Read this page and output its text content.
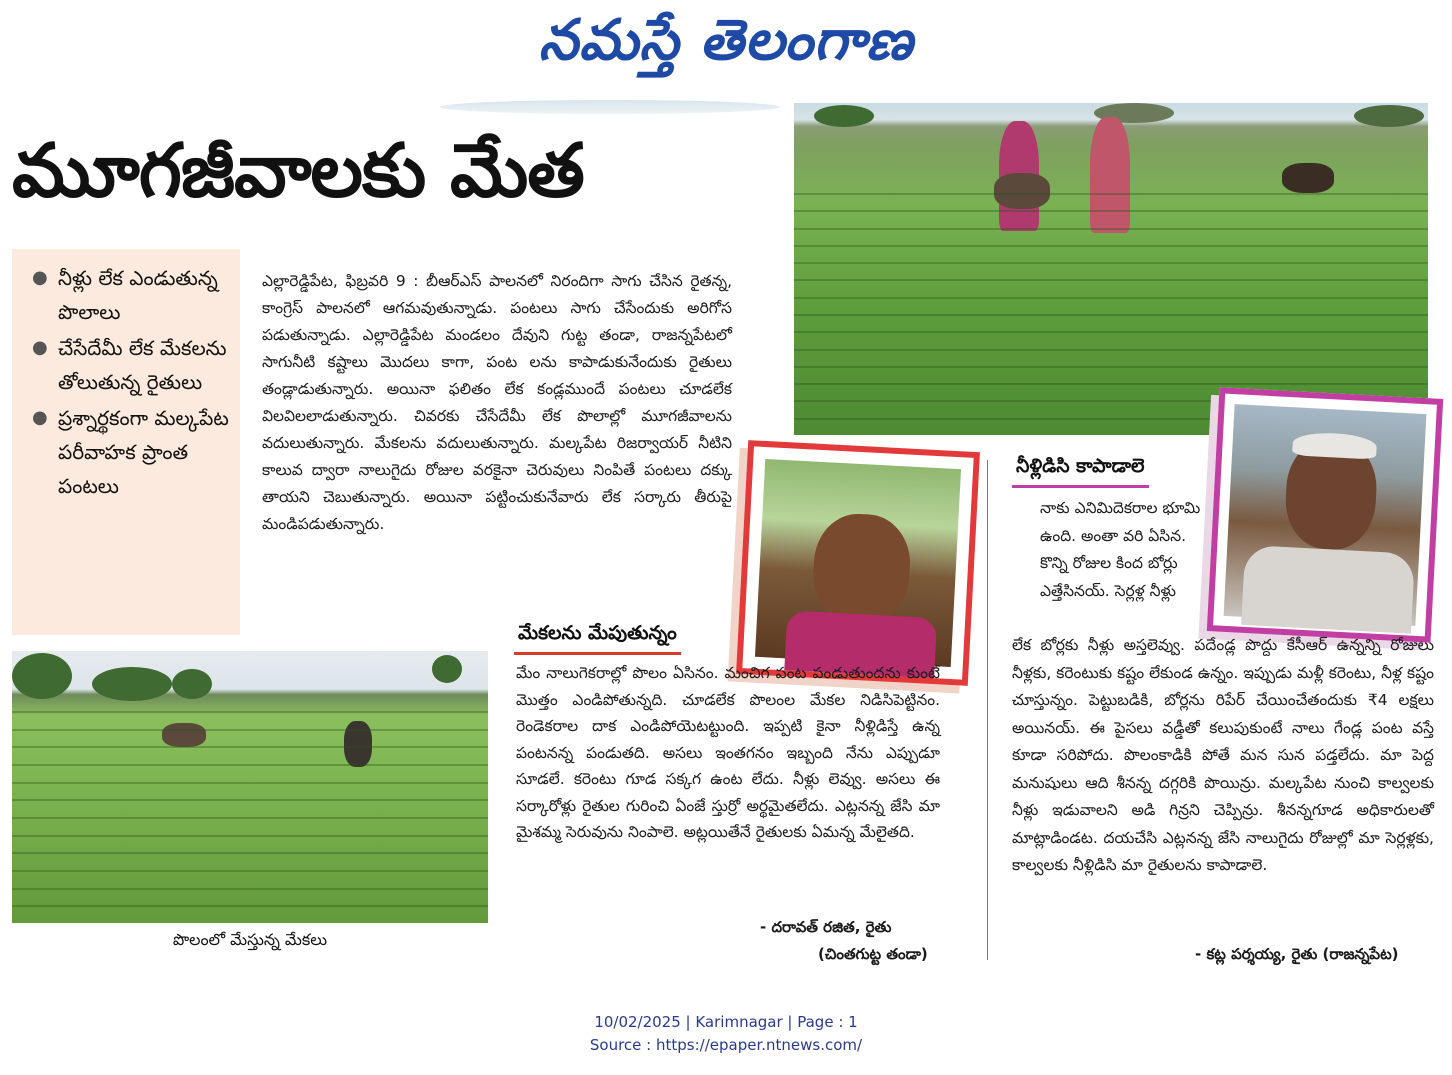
నమస్తే తెలంగాణ
మూగజీవాలకు మేత
● నీళ్లు లేక ఎండుతున్న పొలాలు
● చేసేదేమీ లేక మేకలను తోలుతున్న రైతులు
● ప్రశ్నార్థకంగా మల్కపేట పరీవాహక ప్రాంత పంటలు
ఎల్లారెడ్డిపేట, ఫిబ్రవరి 9 : బీఆర్ఎస్ పాలనలో నిరందిగా సాగు చేసిన రైతన్న, కాంగ్రెస్ పాలనలో ఆగమవుతున్నాడు. పంటలు సాగు చేసేందుకు అరిగోస పడుతున్నాడు. ఎల్లారెడ్డిపేట మండలం దేవుని గుట్ట తండా, రాజన్నపేటలో సాగునీటి కష్టాలు మొదలు కాగా, పంట లను కాపాడుకునేందుకు రైతులు తండ్లాడుతున్నారు. అయినా ఫలితం లేక కండ్లముందే పంటలు చూడలేక విలవిలలాడుతున్నారు. చివరకు చేసేదేమీ లేక పొలాల్లో మూగజీవాలను వదులుతున్నారు. మేకలను వదులుతున్నారు. మల్కపేట రిజర్వాయర్ నీటిని కాలువ ద్వారా నాలుగైదు రోజుల వరకైనా చెరువులు నింపితే పంటలు దక్కు తాయని చెబుతున్నారు. అయినా పట్టించుకునేవారు లేక సర్కారు తీరుపై మండిపడుతున్నారు.
పొలంలో మేస్తున్న మేకలు
మేకలను మేపుతున్నం
మేం నాలుగెకరాల్లో పొలం ఏసినం. మంచిగ పంట పండుతుందను కుంటే మొత్తం ఎండిపోతున్నది. చూడలేక పొలంల మేకల నిడిసిపెట్టినం. రెండెకరాల దాక ఎండిపోయెటట్టుంది. ఇప్పటి కైనా నీళ్లిడిస్తే ఉన్న పంటనన్న పండుతది. అసలు ఇంతగనం ఇబ్బంది నేను ఎప్పుడూ సూడలే. కరెంటు గూడ సక్కగ ఉంట లేదు. నీళ్లు లెవ్వు. అసలు ఈ సర్కారోళ్లు రైతుల గురించి ఏంజే స్తుర్రో అర్థమైతలేదు. ఎట్లనన్న జేసి మా మైశమ్మ సెరువును నింపాలె. అట్లయితేనే రైతులకు ఏమన్న మేలైతది.
- దరావత్ రజిత, రైతు
(చింతగుట్ట తండా)
నీళ్లిడిసి కాపాడాలె
నాకు ఎనిమిదెకరాల భూమి ఉంది. అంతా వరి ఏసిన. కొన్ని రోజుల కింద బోర్లు ఎత్తేసినయ్. సెర్లళ్ల నీళ్లు
లేక బోర్లకు నీళ్లు అస్తలెవ్వు. పదేండ్ల పొద్దు కేసీఆర్ ఉన్నన్ని రోజులు నీళ్లకు, కరెంటుకు కష్టం లేకుండ ఉన్నం. ఇప్పుడు మళ్లీ కరెంటు, నీళ్ల కష్టం చూస్తున్నం. పెట్టుబడికి, బోర్లను రిపేర్ చేయించేతందుకు ₹4 లక్షలు అయినయ్. ఈ పైసలు వడ్డీతో కలుపుకుంటే నాలు గేండ్ల పంట వస్తే కూడా సరిపోదు. పొలంకాడికి పోతే మన సున పడ్తలేదు. మా పెద్ద మనుషులు ఆది శీనన్న దగ్గరికి పొయిన్రు. మల్కపేట నుంచి కాల్వలకు నీళ్లు ఇడువాలని అడి గిన్రని చెప్పిన్రు. శీనన్నగూడ అధికారులతో మాట్లాడిండట. దయచేసి ఎట్లనన్న జేసి నాలుగైదు రోజుల్లో మా సెర్లళ్లకు, కాల్వలకు నీళ్లిడిసి మా రైతులను కాపాడాలె.
- కట్ల పర్శయ్య, రైతు (రాజన్నపేట)
10/02/2025 | Karimnagar | Page : 1
Source : https://epaper.ntnews.com/
